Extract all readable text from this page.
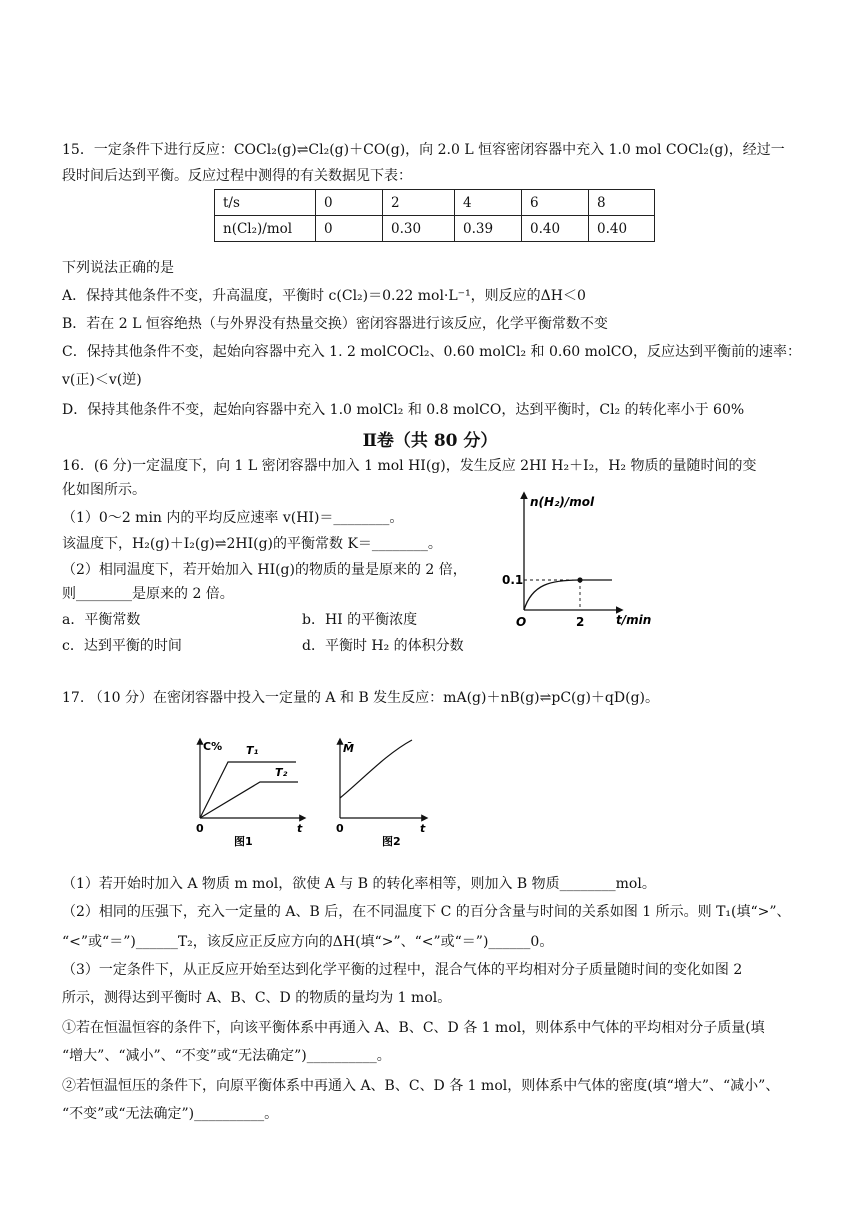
15．一定条件下进行反应：COCl₂(g)⇌Cl₂(g)＋CO(g)，向 2.0 L 恒容密闭容器中充入 1.0 mol COCl₂(g)，经过一
段时间后达到平衡。反应过程中测得的有关数据见下表：
t/s	0	2	4	6	8
n(Cl₂)/mol	0	0.30	0.39	0.40	0.40
下列说法正确的是
A．保持其他条件不变，升高温度，平衡时 c(Cl₂)＝0.22 mol·L⁻¹，则反应的ΔH＜0
B．若在 2 L 恒容绝热（与外界没有热量交换）密闭容器进行该反应，化学平衡常数不变
C．保持其他条件不变，起始向容器中充入 1. 2 molCOCl₂、0.60 molCl₂ 和 0.60 molCO，反应达到平衡前的速率：
v(正)＜v(逆)
D．保持其他条件不变，起始向容器中充入 1.0 molCl₂ 和 0.8 molCO，达到平衡时，Cl₂ 的转化率小于 60%
Ⅱ卷（共 80 分）
16．(6 分)一定温度下，向 1 L 密闭容器中加入 1 mol HI(g)，发生反应 2HI H₂＋I₂，H₂ 物质的量随时间的变
化如图所示。
（1）0～2 min 内的平均反应速率 v(HI)＝________。
该温度下，H₂(g)＋I₂(g)⇌2HI(g)的平衡常数 K＝________。
（2）相同温度下，若开始加入 HI(g)的物质的量是原来的 2 倍，
则________是原来的 2 倍。
a．平衡常数	b．HI 的平衡浓度
c．达到平衡的时间	d．平衡时 H₂ 的体积分数
n(H₂)/mol
t/min
O
0.1
2
17. （10 分）在密闭容器中投入一定量的 A 和 B 发生反应：mA(g)＋nB(g)⇌pC(g)＋qD(g)。
C% T₁
T₂
t
0
图1
M̄
t
0
图2
（1）若开始时加入 A 物质 m mol，欲使 A 与 B 的转化率相等，则加入 B 物质________mol。
（2）相同的压强下，充入一定量的 A、B 后，在不同温度下 C 的百分含量与时间的关系如图 1 所示。则 T₁(填“>”、
“<”或“＝”)______T₂，该反应正反应方向的ΔH(填“>”、“<”或“＝”)______0。
（3）一定条件下，从正反应开始至达到化学平衡的过程中，混合气体的平均相对分子质量随时间的变化如图 2
所示，测得达到平衡时 A、B、C、D 的物质的量均为 1 mol。
①若在恒温恒容的条件下，向该平衡体系中再通入 A、B、C、D 各 1 mol，则体系中气体的平均相对分子质量(填
“增大”、“减小”、“不变”或“无法确定”)__________。
②若恒温恒压的条件下，向原平衡体系中再通入 A、B、C、D 各 1 mol，则体系中气体的密度(填“增大”、“减小”、
“不变”或“无法确定”)__________。
